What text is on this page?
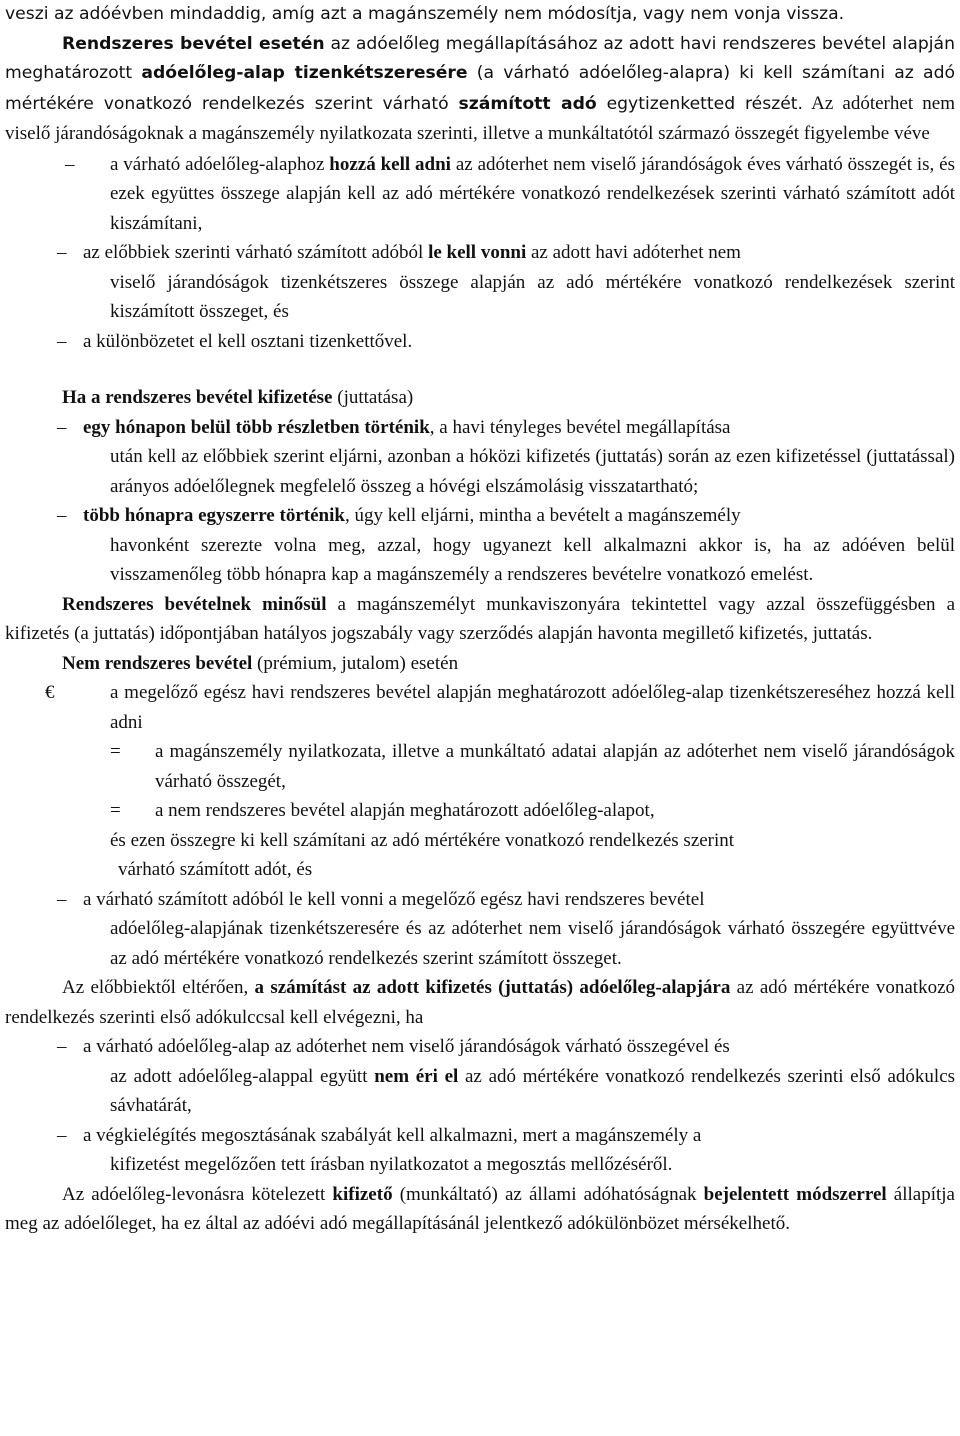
veszi az adóévben mindaddig, amíg azt a magánszemély nem módosítja, vagy nem vonja vissza.

Rendszeres bevétel esetén az adóelőleg megállapításához az adott havi rendszeres bevétel alapján meghatározott adóelőleg-alap tizenkétszeresére (a várható adóelőleg-alapra) ki kell számítani az adó mértékére vonatkozó rendelkezés szerint várható számított adó egytizenketted részét. Az adóterhet nem viselő járandóságoknak a magánszemély nyilatkozata szerinti, illetve a munkáltatótól származó összegét figyelembe véve

– a várható adóelőleg-alaphoz hozzá kell adni az adóterhet nem viselő járandóságok éves várható összegét is, és ezek együttes összege alapján kell az adó mértékére vonatkozó rendelkezések szerinti várható számított adót kiszámítani,

– az előbbiek szerinti várható számított adóból le kell vonni az adott havi adóterhet nem

viselő járandóságok tizenkétszeres összege alapján az adó mértékére vonatkozó rendelkezések szerint kiszámított összeget, és

– a különbözetet el kell osztani tizenkettővel.

Ha a rendszeres bevétel kifizetése (juttatása)

– egy hónapon belül több részletben történik, a havi tényleges bevétel megállapítása

után kell az előbbiek szerint eljárni, azonban a hóközi kifizetés (juttatás) során az ezen kifizetéssel (juttatással) arányos adóelőlegnek megfelelő összeg a hóvégi elszámolásig visszatartható;

– több hónapra egyszerre történik, úgy kell eljárni, mintha a bevételt a magánszemély

havonként szerezte volna meg, azzal, hogy ugyanezt kell alkalmazni akkor is, ha az adóéven belül visszamenőleg több hónapra kap a magánszemély a rendszeres bevételre vonatkozó emelést.

Rendszeres bevételnek minősül a magánszemélyt munkaviszonyára tekintettel vagy azzal összefüggésben a kifizetés (a juttatás) időpontjában hatályos jogszabály vagy szerződés alapján havonta megillető kifizetés, juttatás.

Nem rendszeres bevétel (prémium, jutalom) esetén

€	a megelőző egész havi rendszeres bevétel alapján meghatározott adóelőleg-alap tizenkétszereséhez hozzá kell adni

= a magánszemély nyilatkozata, illetve a munkáltató adatai alapján az adóterhet nem viselő járandóságok várható összegét,

= a nem rendszeres bevétel alapján meghatározott adóelőleg-alapot,

és ezen összegre ki kell számítani az adó mértékére vonatkozó rendelkezés szerint

várható számított adót, és

– a várható számított adóból le kell vonni a megelőző egész havi rendszeres bevétel

adóelőleg-alapjának tizenkétszeresére és az adóterhet nem viselő járandóságok várható összegére együttvéve az adó mértékére vonatkozó rendelkezés szerint számított összeget.

Az előbbiektől eltérően, a számítást az adott kifizetés (juttatás) adóelőleg-alapjára az adó mértékére vonatkozó rendelkezés szerinti első adókulccsal kell elvégezni, ha

– a várható adóelőleg-alap az adóterhet nem viselő járandóságok várható összegével és

az adott adóelőleg-alappal együtt nem éri el az adó mértékére vonatkozó rendelkezés szerinti első adókulcs sávhatárát,

– a végkielégítés megosztásának szabályát kell alkalmazni, mert a magánszemély a

kifizetést megelőzően tett írásban nyilatkozatot a megosztás mellőzéséről.

Az adóelőleg-levonásra kötelezett kifizető (munkáltató) az állami adóhatóságnak bejelentett módszerrel állapítja meg az adóelőleget, ha ez által az adóévi adó megállapításánál jelentkező adókülönbözet mérsékelhető.
